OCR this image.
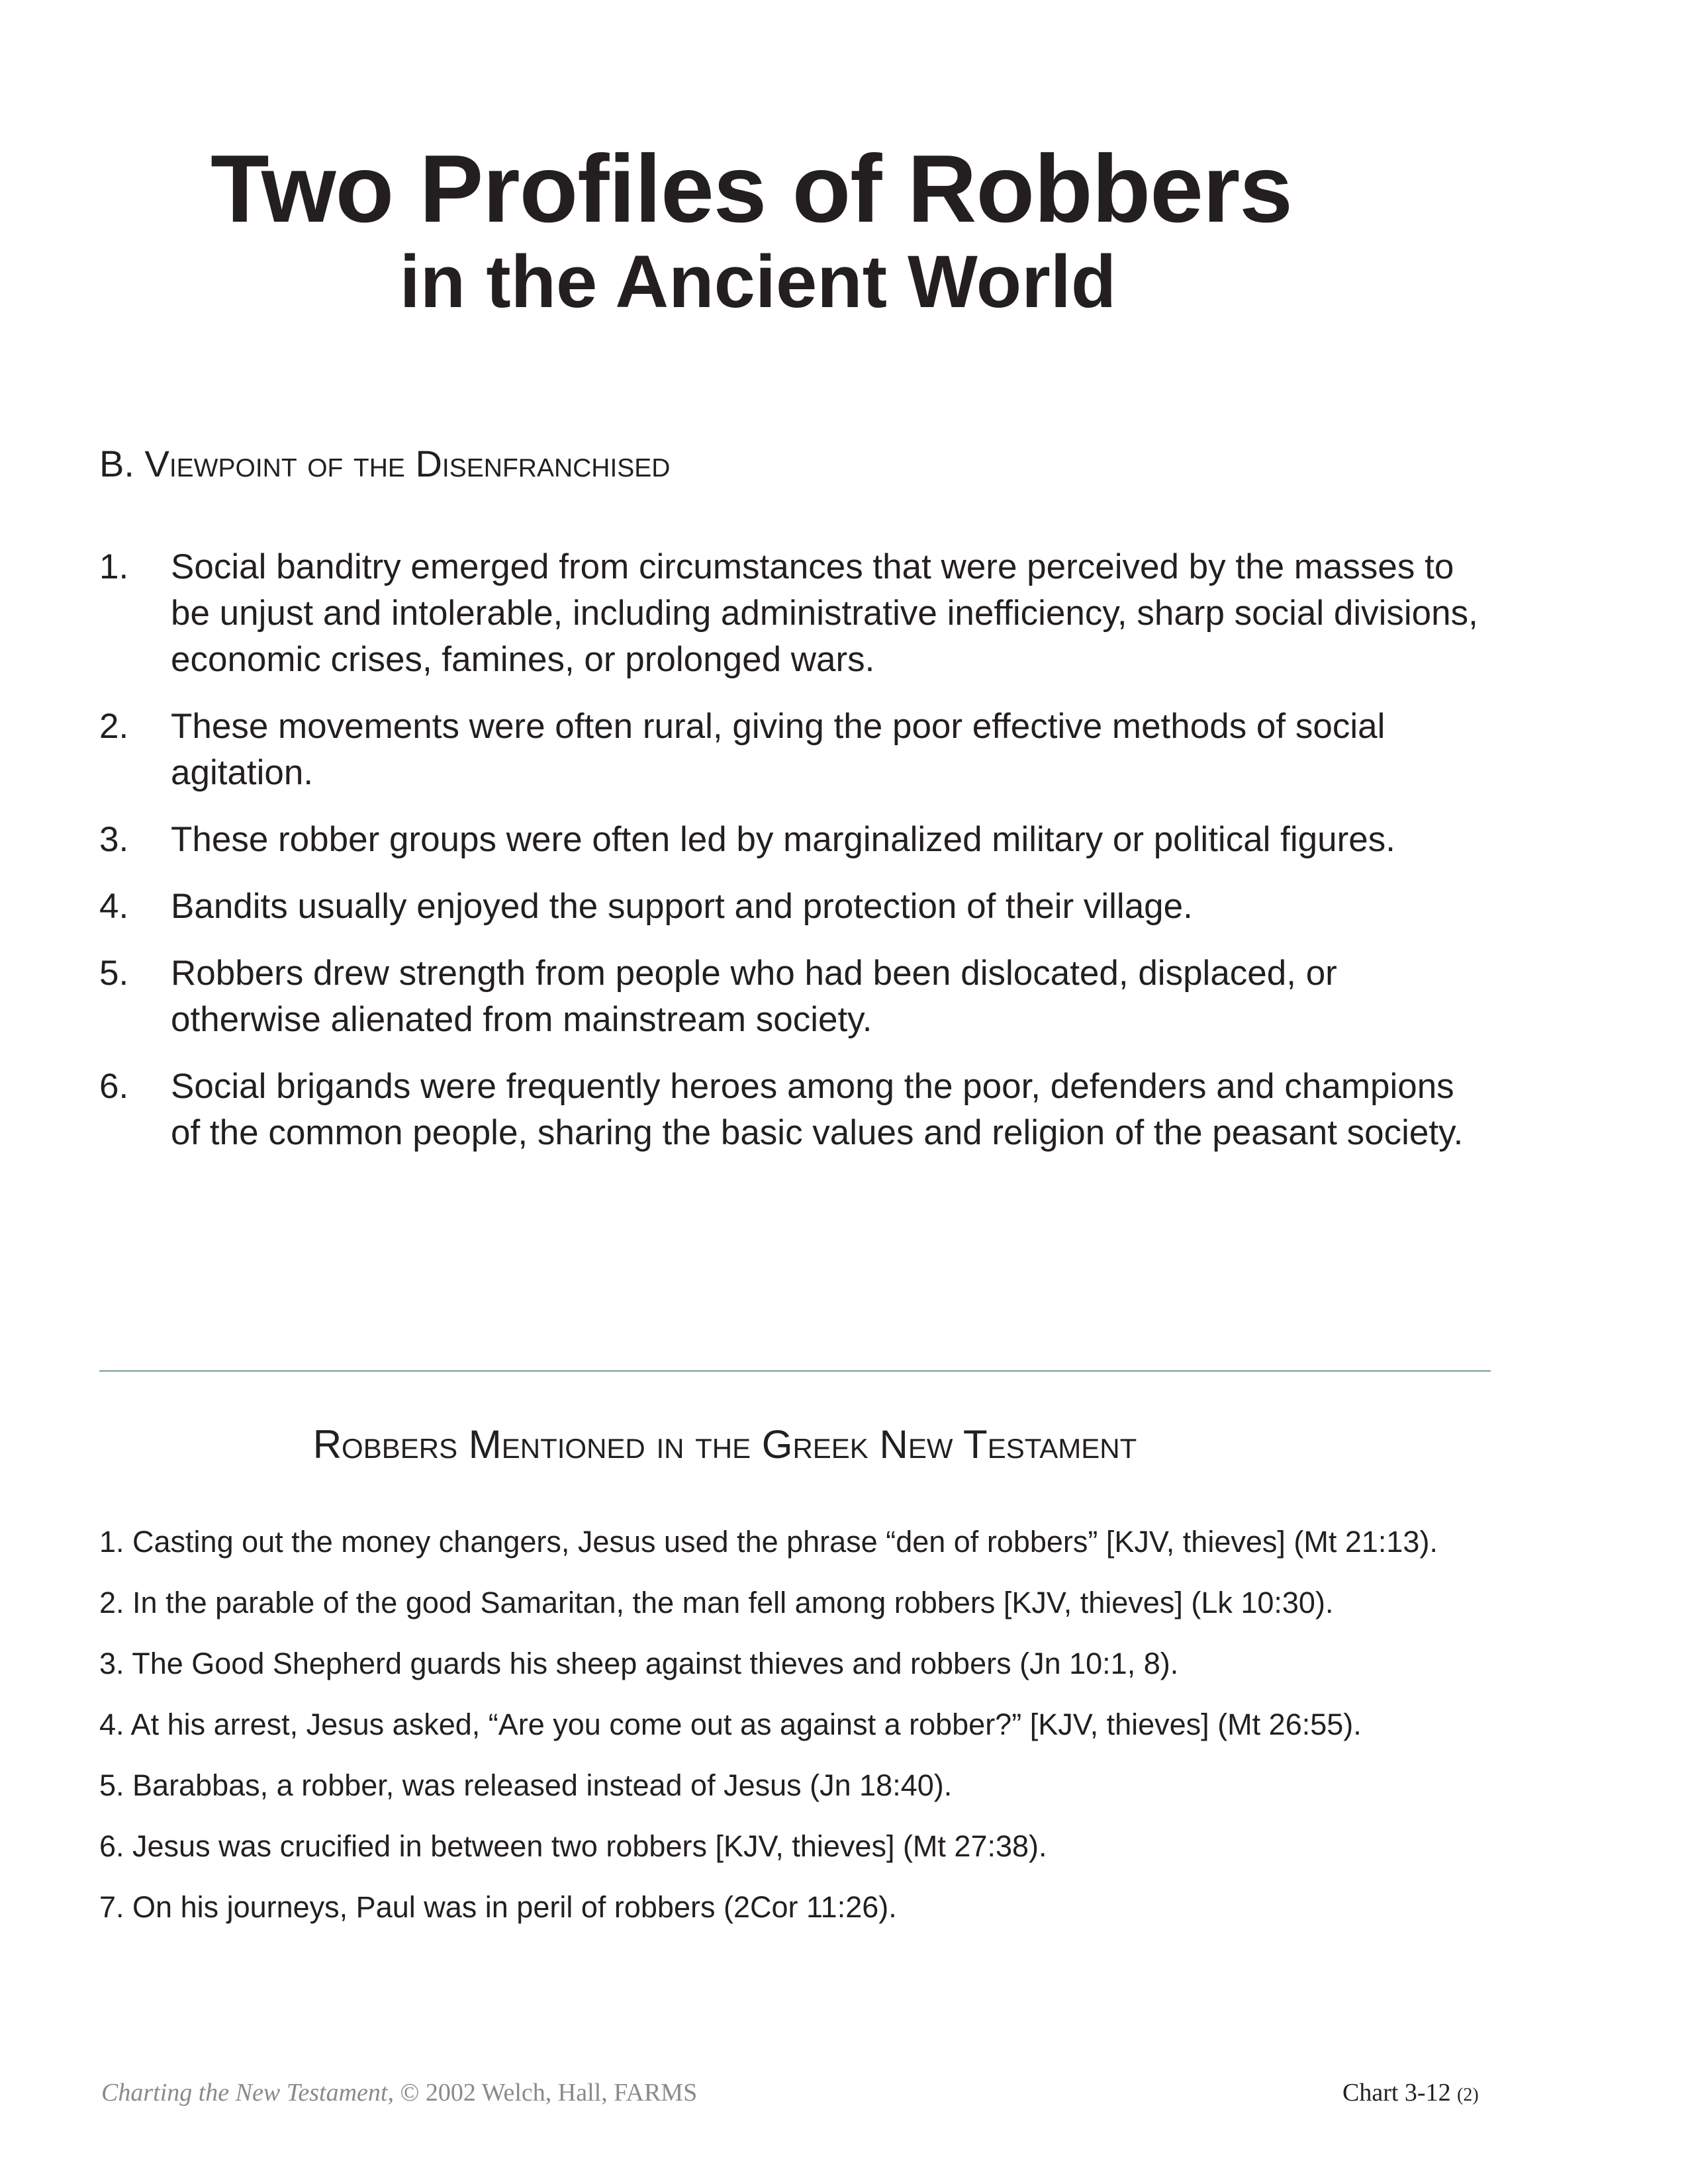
Two Profiles of Robbers
in the Ancient World
B. Viewpoint of the Disenfranchised
1.	Social banditry emerged from circumstances that were perceived by the masses to be unjust and intolerable, including administrative inefficiency, sharp social divisions, economic crises, famines, or prolonged wars.
2.	These movements were often rural, giving the poor effective methods of social agitation.
3.	These robber groups were often led by marginalized military or political figures.
4.	Bandits usually enjoyed the support and protection of their village.
5.	Robbers drew strength from people who had been dislocated, displaced, or otherwise alienated from mainstream society.
6.	Social brigands were frequently heroes among the poor, defenders and champions of the common people, sharing the basic values and religion of the peasant society.
Robbers Mentioned in the Greek New Testament
1. Casting out the money changers, Jesus used the phrase “den of robbers” [KJV, thieves] (Mt 21:13).
2. In the parable of the good Samaritan, the man fell among robbers [KJV, thieves] (Lk 10:30).
3. The Good Shepherd guards his sheep against thieves and robbers (Jn 10:1, 8).
4. At his arrest, Jesus asked, “Are you come out as against a robber?” [KJV, thieves] (Mt 26:55).
5. Barabbas, a robber, was released instead of Jesus (Jn 18:40).
6. Jesus was crucified in between two robbers [KJV, thieves] (Mt 27:38).
7. On his journeys, Paul was in peril of robbers (2Cor 11:26).
Charting the New Testament, © 2002 Welch, Hall, FARMS	Chart 3-12 (2)
